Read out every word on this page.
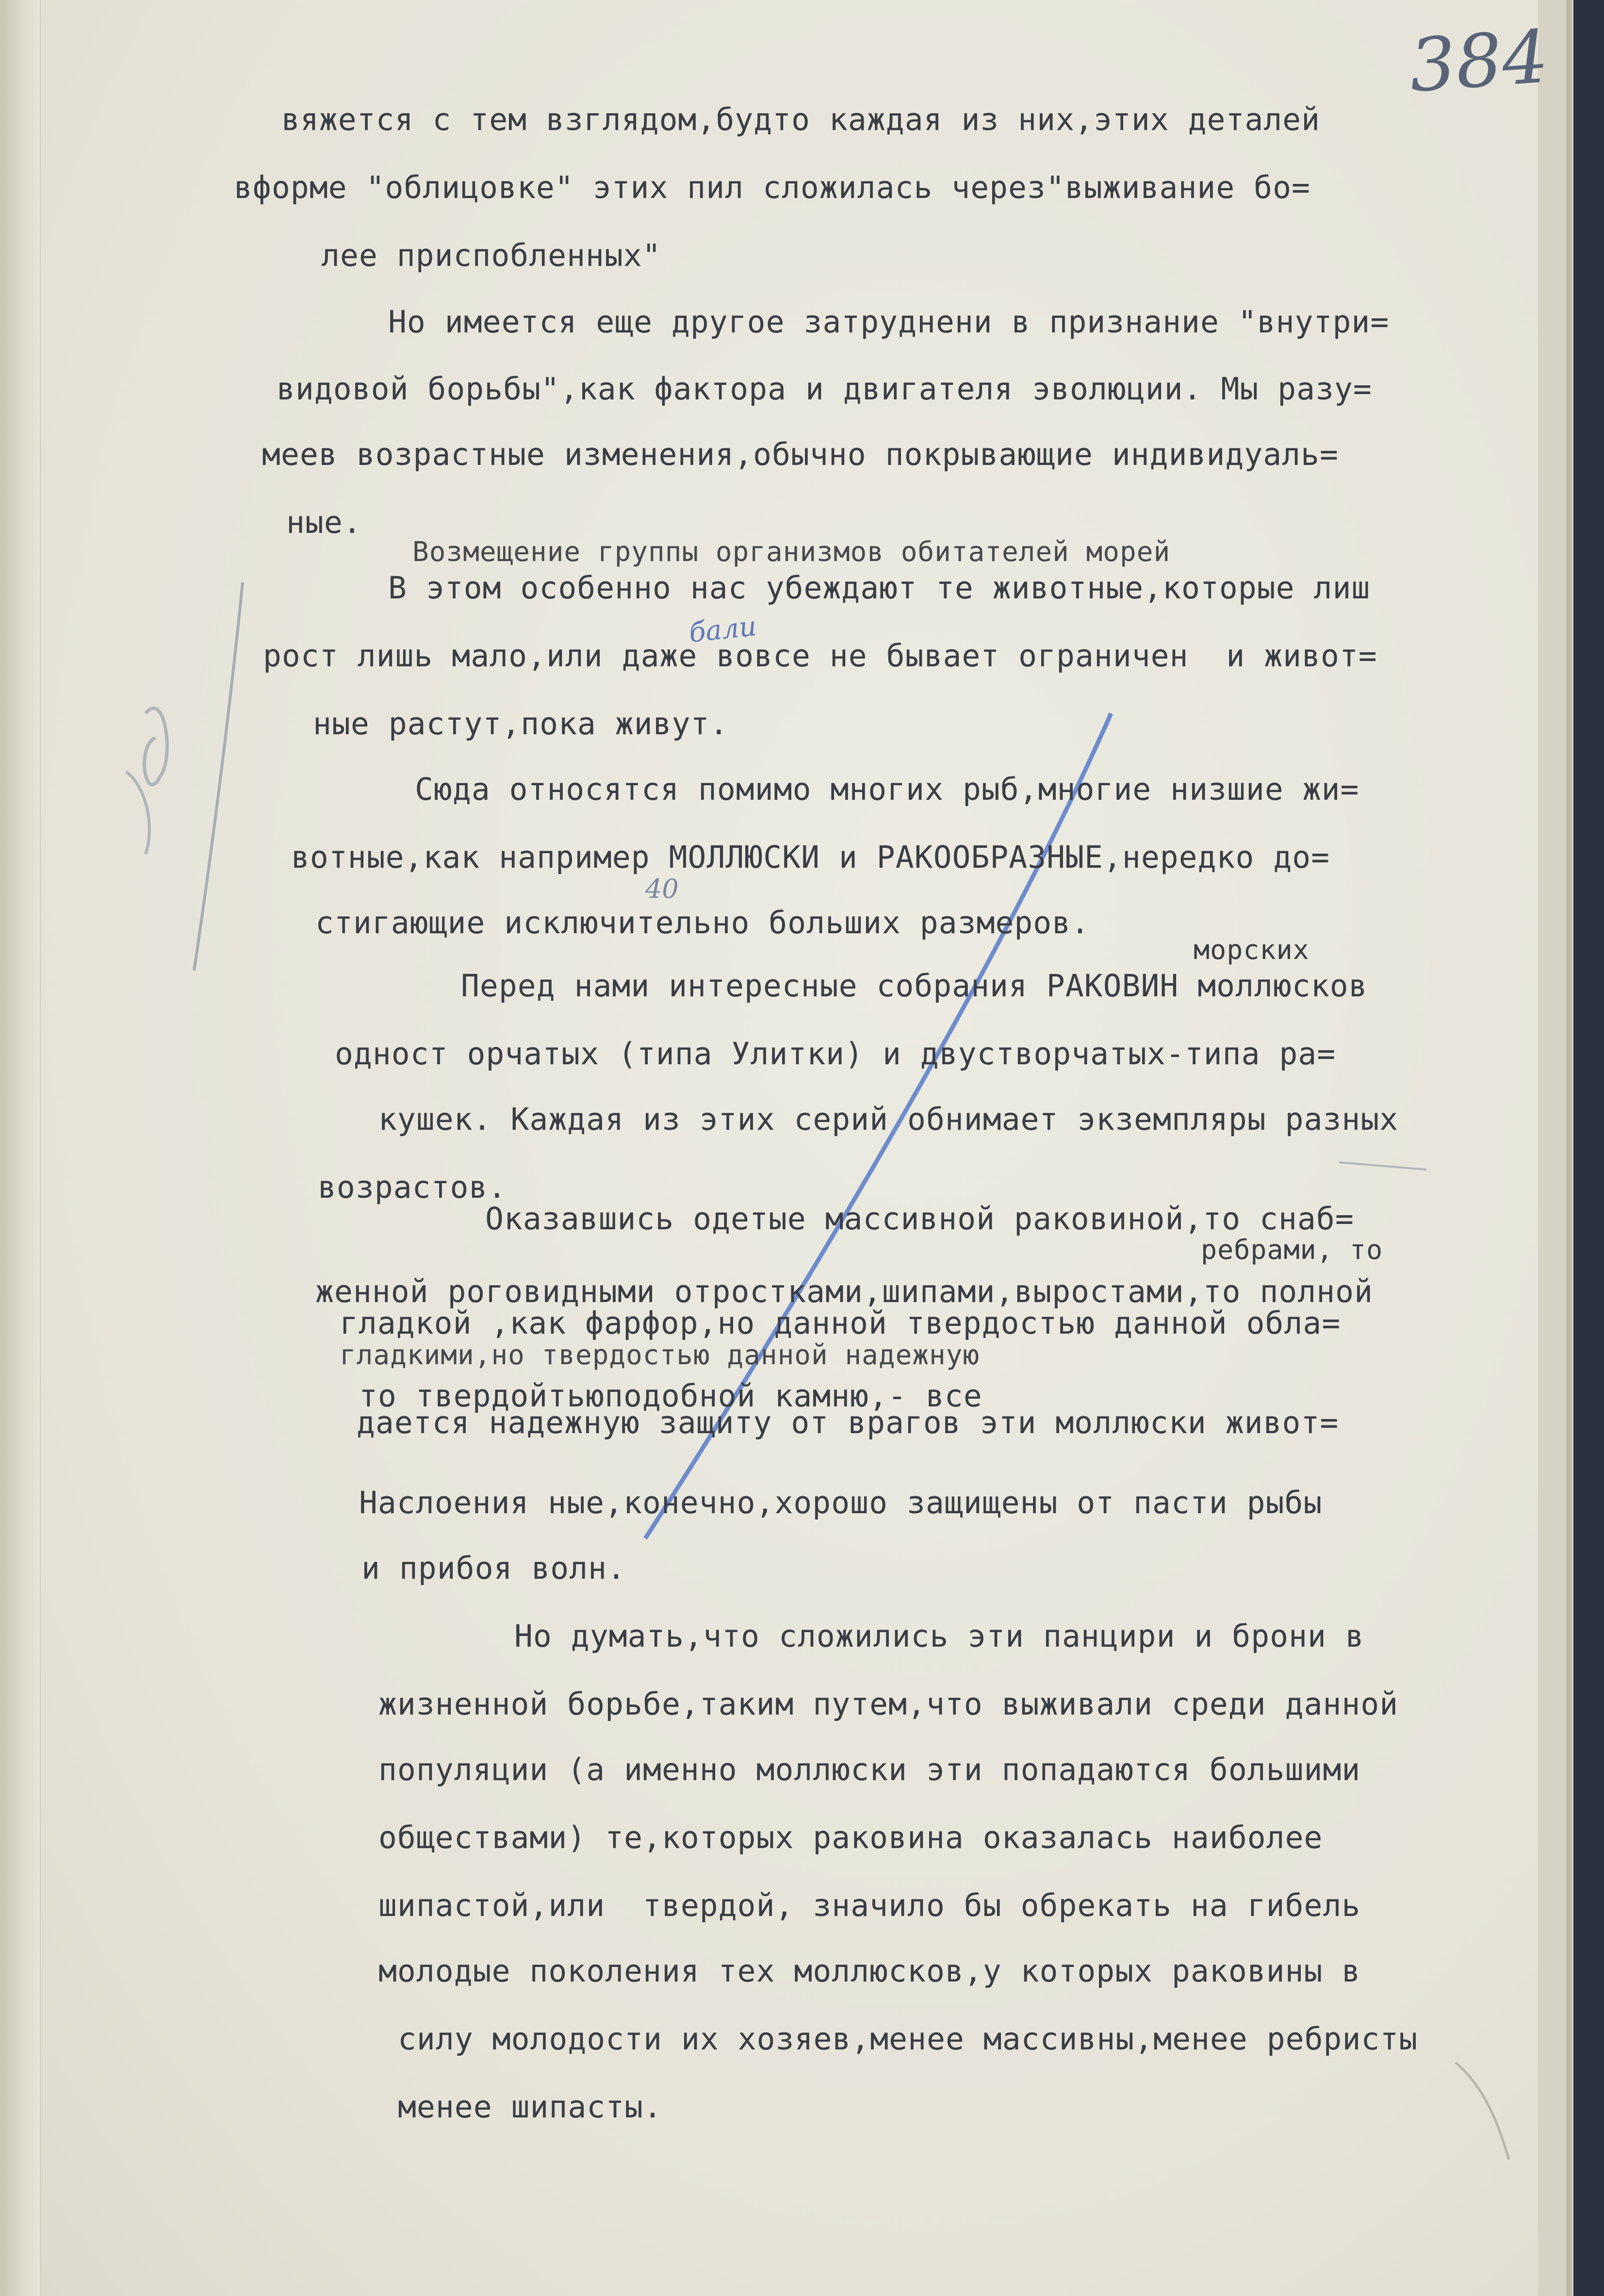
384
бали
40
вяжется с тем взглядом,будто каждая из них,этих деталей
вформе "облицовке" этих пил сложилась через"выживание бо=
лее приспобленных"
Но имеется еще другое затруднени в признание "внутри=
видовой борьбы",как фактора и двигателя эволюции. Мы разу=
меев возрастные изменения,обычно покрывающие индивидуаль=
ные.
Возмещение группы организмов обитателей морей
В этом особенно нас убеждают те животные,которые лиш
рост лишь мало,или даже вовсе не бывает ограничен  и живот=
ные растут,пока живут.
Сюда относятся помимо многих рыб,многие низшие жи=
вотные,как например МОЛЛЮСКИ и РАКООБРАЗНЫЕ,нередко до=
стигающие исключительно больших размеров.
морских
Перед нами интересные собрания РАКОВИН моллюсков
одност орчатых (типа Улитки) и двустворчатых-типа ра=
кушек. Каждая из этих серий обнимает экземпляры разных
возрастов.
Оказавшись одетые массивной раковиной,то снаб=
ребрами, то
женной роговидными отростками,шипами,выростами,то полной
гладкой ,как фарфор,но данной твердостью данной обла=
гладкими,но твердостью данной надежную
то твердойтьюподобной камню,- все
дается надежную защиту от врагов эти моллюски живот=
Наслоения ные,конечно,хорошо защищены от пасти рыбы
и прибоя волн.
Но думать,что сложились эти панцири и брони в
жизненной борьбе,таким путем,что выживали среди данной
популяции (а именно моллюски эти попадаются большими
обществами) те,которых раковина оказалась наиболее
шипастой,или  твердой, значило бы обрекать на гибель
молодые поколения тех моллюсков,у которых раковины в
силу молодости их хозяев,менее массивны,менее ребристы
менее шипасты.
